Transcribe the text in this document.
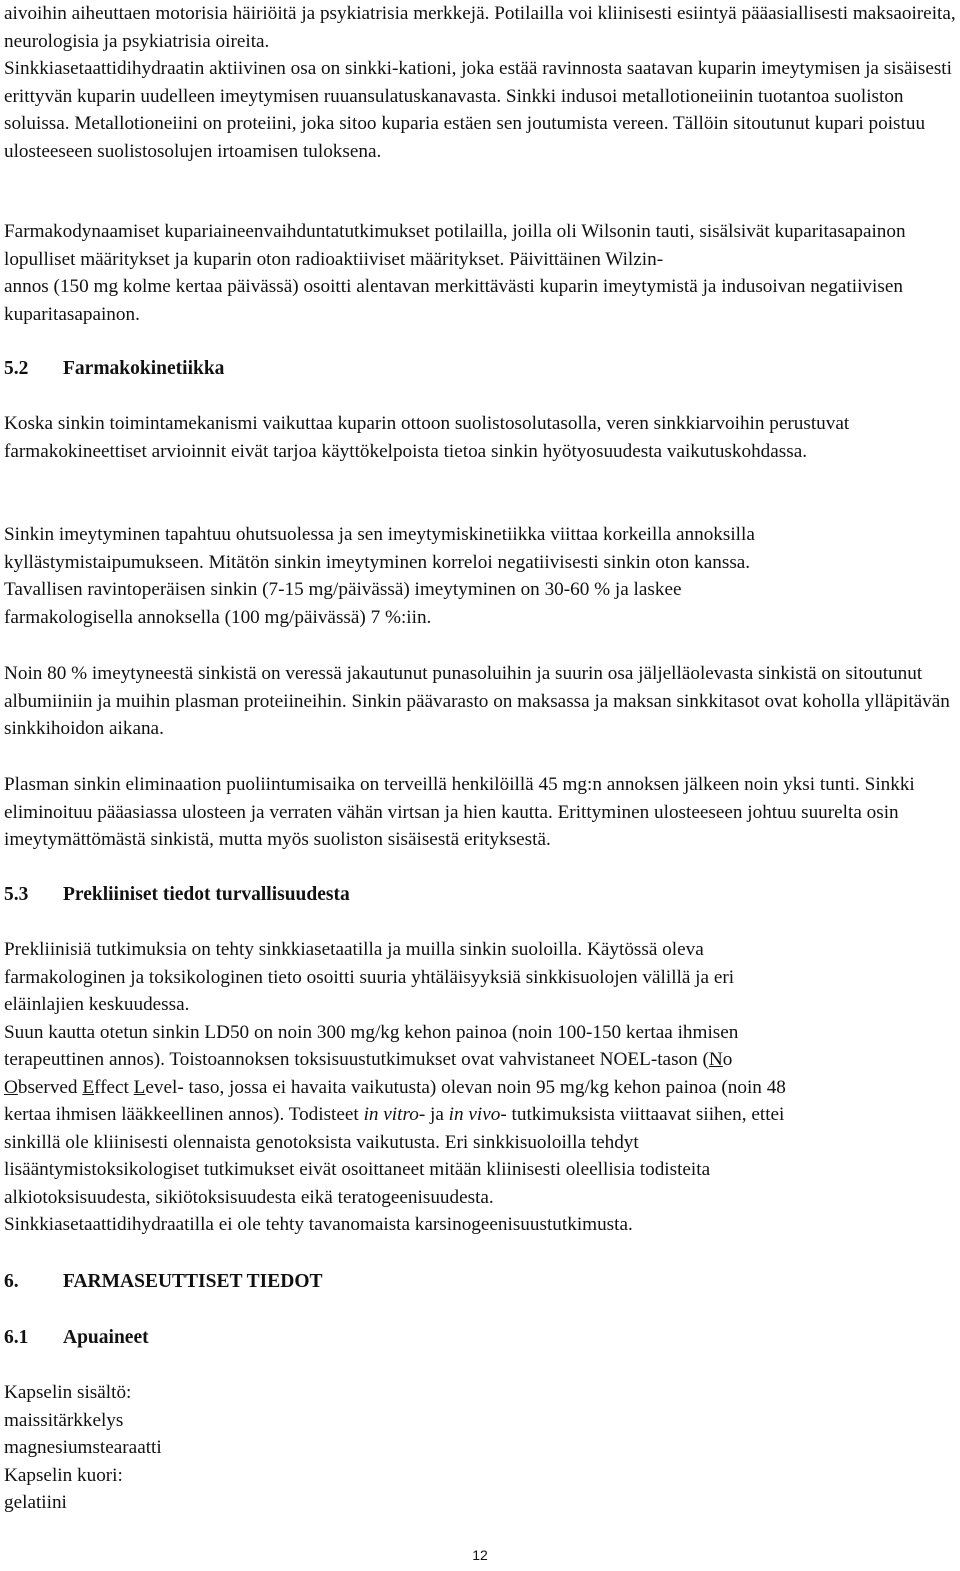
aivoihin aiheuttaen motorisia häiriöitä ja psykiatrisia merkkejä. Potilailla voi kliinisesti esiintyä pääasiallisesti maksaoireita, neurologisia ja psykiatrisia oireita.

Sinkkiasetaattidihydraatin aktiivinen osa on sinkki-kationi, joka estää ravinnosta saatavan kuparin imeytymisen ja sisäisesti erittyvän kuparin uudelleen imeytymisen ruuansulatuskanavasta. Sinkki indusoi metallotioneiinin tuotantoa suoliston soluissa. Metallotioneiini on proteiini, joka sitoo kuparia estäen sen joutumista vereen. Tällöin sitoutunut kupari poistuu ulosteeseen suolistosolujen irtoamisen tuloksena.

Farmakodynaamiset kupariaineenvaihduntatutkimukset potilailla, joilla oli Wilsonin tauti, sisälsivät kuparitasapainon lopulliset määritykset ja kuparin oton radioaktiiviset määritykset. Päivittäinen Wilzin-

annos (150 mg kolme kertaa päivässä) osoitti alentavan merkittävästi kuparin imeytymistä ja indusoivan negatiivisen kuparitasapainon.

5.2 Farmakokinetiikka

Koska sinkin toimintamekanismi vaikuttaa kuparin ottoon suolistosolutasolla, veren sinkkiarvoihin perustuvat farmakokineettiset arvioinnit eivät tarjoa käyttökelpoista tietoa sinkin hyötyosuudesta vaikutuskohdassa.

Sinkin imeytyminen tapahtuu ohutsuolessa ja sen imeytymiskinetiikka viittaa korkeilla annoksilla

kyllästymistaipumukseen. Mitätön sinkin imeytyminen korreloi negatiivisesti sinkin oton kanssa.

Tavallisen ravintoperäisen sinkin (7-15 mg/päivässä) imeytyminen on 30-60 % ja laskee

farmakologisella annoksella (100 mg/päivässä) 7 %:iin.

Noin 80 % imeytyneestä sinkistä on veressä jakautunut punasoluihin ja suurin osa jäljelläolevasta sinkistä on sitoutunut albumiiniin ja muihin plasman proteiineihin. Sinkin päävarasto on maksassa ja maksan sinkkitasot ovat koholla ylläpitävän sinkkihoidon aikana.

Plasman sinkin eliminaation puoliintumisaika on terveillä henkilöillä 45 mg:n annoksen jälkeen noin yksi tunti. Sinkki eliminoituu pääasiassa ulosteen ja verraten vähän virtsan ja hien kautta. Erittyminen ulosteeseen johtuu suurelta osin imeytymättömästä sinkistä, mutta myös suoliston sisäisestä erityksestä.

5.3 Prekliiniset tiedot turvallisuudesta

Prekliinisiä tutkimuksia on tehty sinkkiasetaatilla ja muilla sinkin suoloilla. Käytössä oleva

farmakologinen ja toksikologinen tieto osoitti suuria yhtäläisyyksiä sinkkisuolojen välillä ja eri

eläinlajien keskuudessa.

Suun kautta otetun sinkin LD50 on noin 300 mg/kg kehon painoa (noin 100-150 kertaa ihmisen

terapeuttinen annos). Toistoannoksen toksisuustutkimukset ovat vahvistaneet NOEL-tason (No

Observed Effect Level- taso, jossa ei havaita vaikutusta) olevan noin 95 mg/kg kehon painoa (noin 48

kertaa ihmisen lääkkeellinen annos). Todisteet in vitro- ja in vivo- tutkimuksista viittaavat siihen, ettei

sinkillä ole kliinisesti olennaista genotoksista vaikutusta. Eri sinkkisuoloilla tehdyt

lisääntymistoksikologiset tutkimukset eivät osoittaneet mitään kliinisesti oleellisia todisteita

alkiotoksisuudesta, sikiötoksisuudesta eikä teratogeenisuudesta.

Sinkkiasetaattidihydraatilla ei ole tehty tavanomaista karsinogeenisuustutkimusta.

6. FARMASEUTTISET TIEDOT
6.1 Apuaineet

Kapselin sisältö:

maissitärkkelys

magnesiumstearaatti

Kapselin kuori:

gelatiini

12
